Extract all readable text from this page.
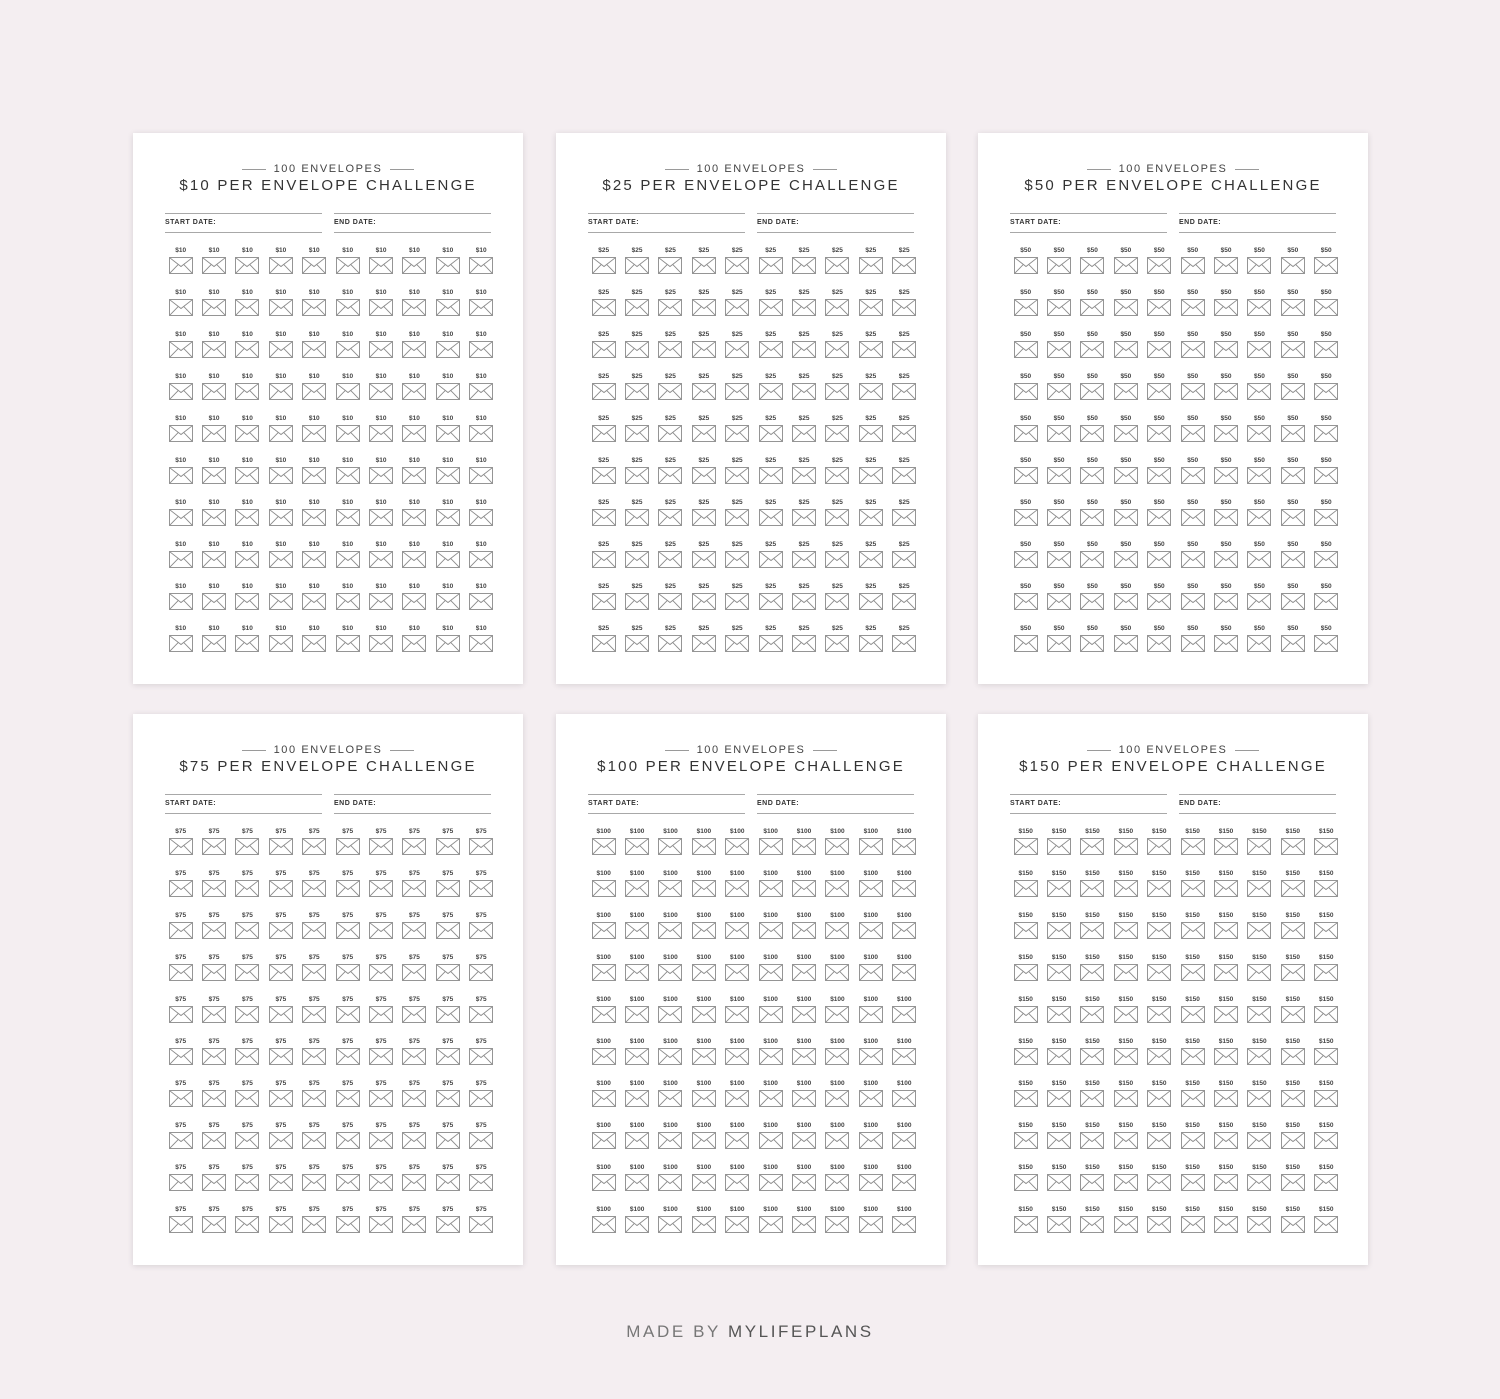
100 ENVELOPES
$10 PER ENVELOPE CHALLENGE
START DATE:	END DATE:
$10	$10	$10	$10	$10	$10	$10	$10	$10	$10
$10	$10	$10	$10	$10	$10	$10	$10	$10	$10
$10	$10	$10	$10	$10	$10	$10	$10	$10	$10
$10	$10	$10	$10	$10	$10	$10	$10	$10	$10
$10	$10	$10	$10	$10	$10	$10	$10	$10	$10
$10	$10	$10	$10	$10	$10	$10	$10	$10	$10
$10	$10	$10	$10	$10	$10	$10	$10	$10	$10
$10	$10	$10	$10	$10	$10	$10	$10	$10	$10
$10	$10	$10	$10	$10	$10	$10	$10	$10	$10
$10	$10	$10	$10	$10	$10	$10	$10	$10	$10
100 ENVELOPES
$25 PER ENVELOPE CHALLENGE
START DATE:	END DATE:
$25	$25	$25	$25	$25	$25	$25	$25	$25	$25
$25	$25	$25	$25	$25	$25	$25	$25	$25	$25
$25	$25	$25	$25	$25	$25	$25	$25	$25	$25
$25	$25	$25	$25	$25	$25	$25	$25	$25	$25
$25	$25	$25	$25	$25	$25	$25	$25	$25	$25
$25	$25	$25	$25	$25	$25	$25	$25	$25	$25
$25	$25	$25	$25	$25	$25	$25	$25	$25	$25
$25	$25	$25	$25	$25	$25	$25	$25	$25	$25
$25	$25	$25	$25	$25	$25	$25	$25	$25	$25
$25	$25	$25	$25	$25	$25	$25	$25	$25	$25
100 ENVELOPES
$50 PER ENVELOPE CHALLENGE
START DATE:	END DATE:
$50	$50	$50	$50	$50	$50	$50	$50	$50	$50
$50	$50	$50	$50	$50	$50	$50	$50	$50	$50
$50	$50	$50	$50	$50	$50	$50	$50	$50	$50
$50	$50	$50	$50	$50	$50	$50	$50	$50	$50
$50	$50	$50	$50	$50	$50	$50	$50	$50	$50
$50	$50	$50	$50	$50	$50	$50	$50	$50	$50
$50	$50	$50	$50	$50	$50	$50	$50	$50	$50
$50	$50	$50	$50	$50	$50	$50	$50	$50	$50
$50	$50	$50	$50	$50	$50	$50	$50	$50	$50
$50	$50	$50	$50	$50	$50	$50	$50	$50	$50
100 ENVELOPES
$75 PER ENVELOPE CHALLENGE
START DATE:	END DATE:
$75	$75	$75	$75	$75	$75	$75	$75	$75	$75
$75	$75	$75	$75	$75	$75	$75	$75	$75	$75
$75	$75	$75	$75	$75	$75	$75	$75	$75	$75
$75	$75	$75	$75	$75	$75	$75	$75	$75	$75
$75	$75	$75	$75	$75	$75	$75	$75	$75	$75
$75	$75	$75	$75	$75	$75	$75	$75	$75	$75
$75	$75	$75	$75	$75	$75	$75	$75	$75	$75
$75	$75	$75	$75	$75	$75	$75	$75	$75	$75
$75	$75	$75	$75	$75	$75	$75	$75	$75	$75
$75	$75	$75	$75	$75	$75	$75	$75	$75	$75
100 ENVELOPES
$100 PER ENVELOPE CHALLENGE
START DATE:	END DATE:
$100	$100	$100	$100	$100	$100	$100	$100	$100	$100
$100	$100	$100	$100	$100	$100	$100	$100	$100	$100
$100	$100	$100	$100	$100	$100	$100	$100	$100	$100
$100	$100	$100	$100	$100	$100	$100	$100	$100	$100
$100	$100	$100	$100	$100	$100	$100	$100	$100	$100
$100	$100	$100	$100	$100	$100	$100	$100	$100	$100
$100	$100	$100	$100	$100	$100	$100	$100	$100	$100
$100	$100	$100	$100	$100	$100	$100	$100	$100	$100
$100	$100	$100	$100	$100	$100	$100	$100	$100	$100
$100	$100	$100	$100	$100	$100	$100	$100	$100	$100
100 ENVELOPES
$150 PER ENVELOPE CHALLENGE
START DATE:	END DATE:
$150	$150	$150	$150	$150	$150	$150	$150	$150	$150
$150	$150	$150	$150	$150	$150	$150	$150	$150	$150
$150	$150	$150	$150	$150	$150	$150	$150	$150	$150
$150	$150	$150	$150	$150	$150	$150	$150	$150	$150
$150	$150	$150	$150	$150	$150	$150	$150	$150	$150
$150	$150	$150	$150	$150	$150	$150	$150	$150	$150
$150	$150	$150	$150	$150	$150	$150	$150	$150	$150
$150	$150	$150	$150	$150	$150	$150	$150	$150	$150
$150	$150	$150	$150	$150	$150	$150	$150	$150	$150
$150	$150	$150	$150	$150	$150	$150	$150	$150	$150
MADE BY MYLIFEPLANS
